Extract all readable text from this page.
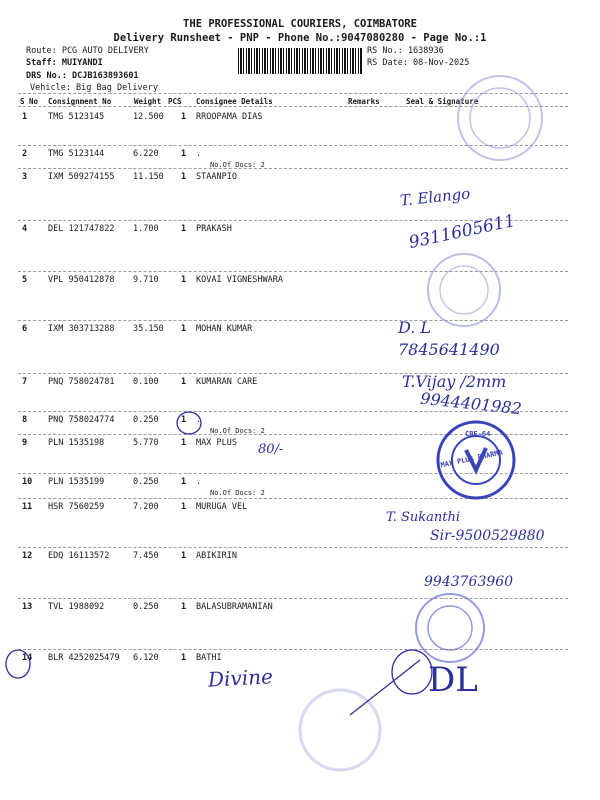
THE PROFESSIONAL COURIERS, COIMBATORE
Delivery Runsheet - PNP - Phone No.:9047080280 - Page No.:1
Route: PCG AUTO DELIVERY
Staff: MUIYANDI
DRS No.: DCJB163893601
Vehicle: Big Bag Delivery
RS No.: 1638936
RS Date: 08-Nov-2025
S No Consignment No	Weight PCS Consignee Details	Remarks	Seal & Signature
1 TMG 5123145	12.500 1 RROOPAMA DIAS
2 TMG 5123144	6.220	1 .
No.Of Docs: 2
3 IXM 509274155 11.150 1 STAANPIO
4 DEL 121747822 1.700	1 PRAKASH
5 VPL 950412878 9.710	1 KOVAI VIGNESHWARA
6 IXM 303713288 35.150 1 MOHAN KUMAR
7 PNQ 758024781 0.100	1 KUMARAN CARE
8 PNQ 758024774 0.250	1 .
No.Of Docs: 2
9 PLN 1535198	5.770	1 MAX PLUS
10 PLN 1535199	0.250	1 .
No.Of Docs: 2
11 HSR 7560259	7.200	1 MURUGA VEL
12 EDQ 16113572	7.450	1 ABIKIRIN
13 TVL 1988092	0.250	1 BALASUBRAMANIAN
14 BLR 4252025479 6.120	1 BATHI
MAX PLUS PHARMA
CBE-64
T. Elango
9311605611
D. L
7845641490
T.Vijay /2mm
9944401982
80/-
T. Sukanthi
Sir-9500529880
9943763960
Divine	DL
